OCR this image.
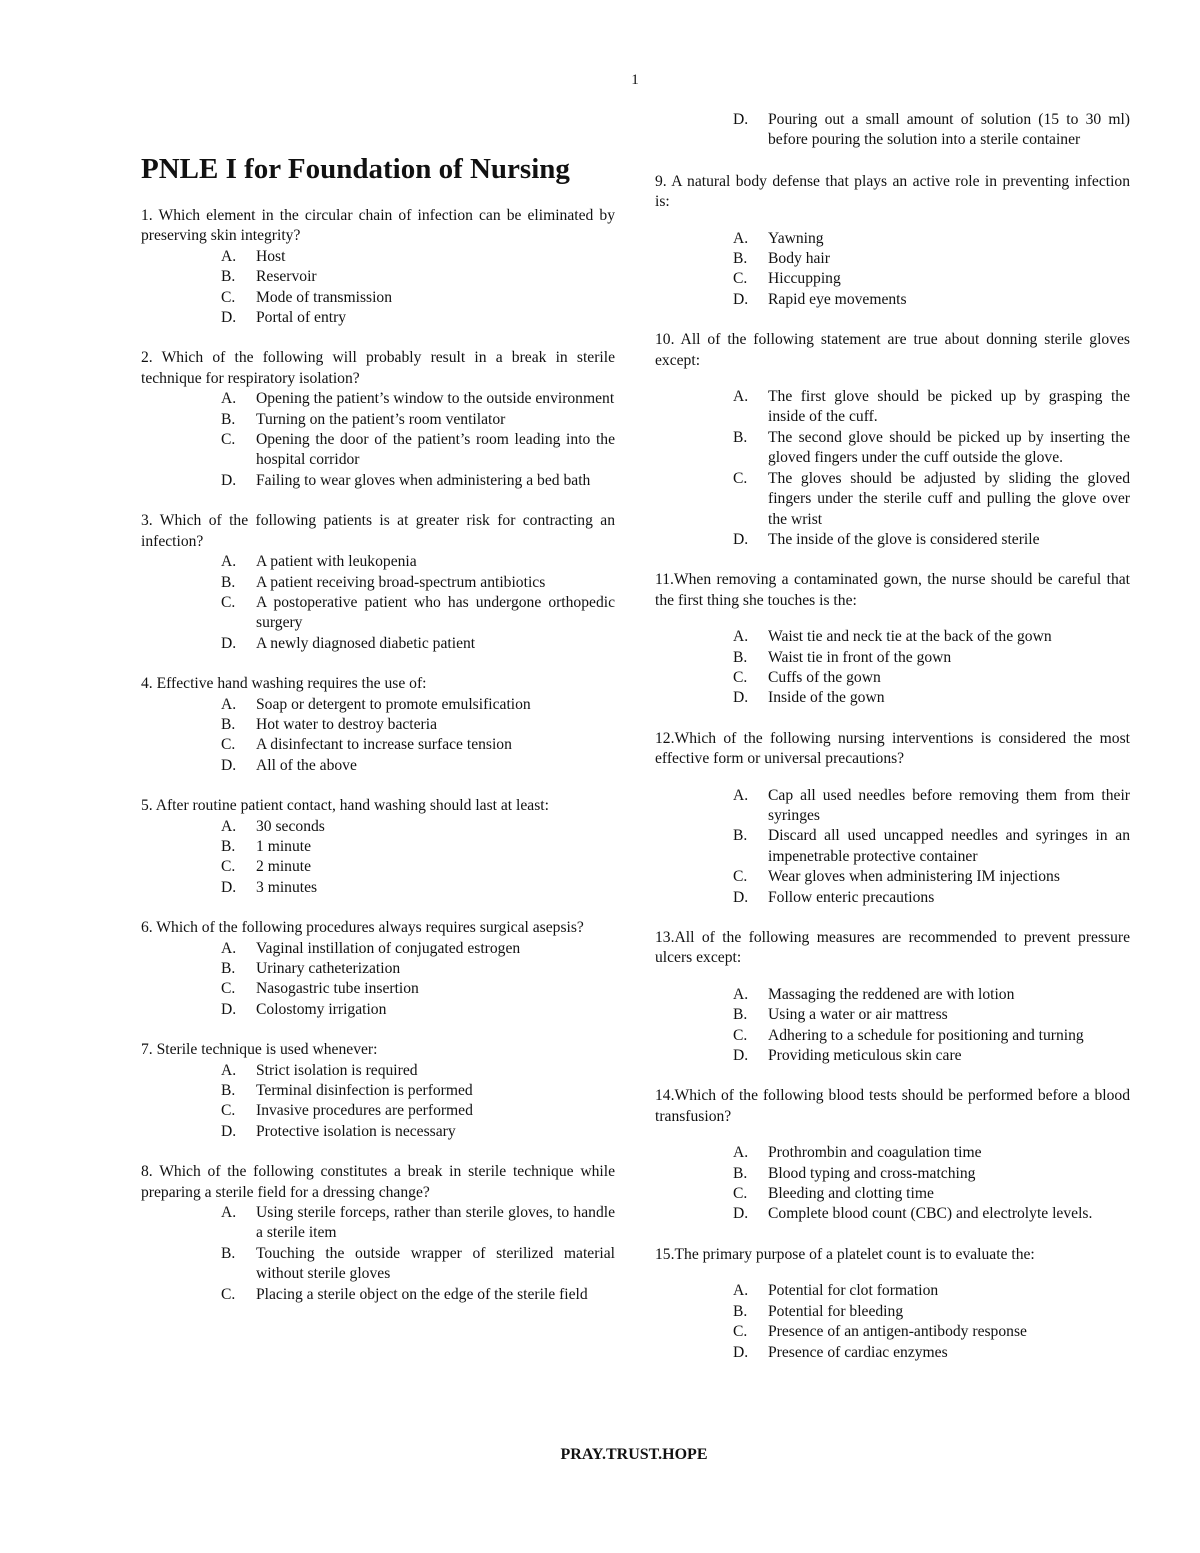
1
PNLE I for Foundation of Nursing
1. Which element in the circular chain of infection can be eliminated by preserving skin integrity?
A.	Host
B.	Reservoir
C.	Mode of transmission
D.	Portal of entry
2. Which of the following will probably result in a break in sterile technique for respiratory isolation?
A.	Opening the patient’s window to the outside environment
B.	Turning on the patient’s room ventilator
C.	Opening the door of the patient’s room leading into the hospital corridor
D.	Failing to wear gloves when administering a bed bath
3. Which of the following patients is at greater risk for contracting an infection?
A.	A patient with leukopenia
B.	A patient receiving broad-spectrum antibiotics
C.	A postoperative patient who has undergone orthopedic surgery
D.	A newly diagnosed diabetic patient
4. Effective hand washing requires the use of:
A.	Soap or detergent to promote emulsification
B.	Hot water to destroy bacteria
C.	A disinfectant to increase surface tension
D.	All of the above
5. After routine patient contact, hand washing should last at least:
A.	30 seconds
B.	1 minute
C.	2 minute
D.	3 minutes
6. Which of the following procedures always requires surgical asepsis?
A.	Vaginal instillation of conjugated estrogen
B.	Urinary catheterization
C.	Nasogastric tube insertion
D.	Colostomy irrigation
7. Sterile technique is used whenever:
A.	Strict isolation is required
B.	Terminal disinfection is performed
C.	Invasive procedures are performed
D.	Protective isolation is necessary
8. Which of the following constitutes a break in sterile technique while preparing a sterile field for a dressing change?
A.	Using sterile forceps, rather than sterile gloves, to handle a sterile item
B.	Touching the outside wrapper of sterilized material without sterile gloves
C.	Placing a sterile object on the edge of the sterile field
D.	Pouring out a small amount of solution (15 to 30 ml) before pouring the solution into a sterile container
9. A natural body defense that plays an active role in preventing infection is:
A.	Yawning
B.	Body hair
C.	Hiccupping
D.	Rapid eye movements
10. All of the following statement are true about donning sterile gloves except:
A.	The first glove should be picked up by grasping the inside of the cuff.
B.	The second glove should be picked up by inserting the gloved fingers under the cuff outside the glove.
C.	The gloves should be adjusted by sliding the gloved fingers under the sterile cuff and pulling the glove over the wrist
D.	The inside of the glove is considered sterile
11.When removing a contaminated gown, the nurse should be careful that the first thing she touches is the:
A.	Waist tie and neck tie at the back of the gown
B.	Waist tie in front of the gown
C.	Cuffs of the gown
D.	Inside of the gown
12.Which of the following nursing interventions is considered the most effective form or universal precautions?
A.	Cap all used needles before removing them from their syringes
B.	Discard all used uncapped needles and syringes in an impenetrable protective container
C.	Wear gloves when administering IM injections
D.	Follow enteric precautions
13.All of the following measures are recommended to prevent pressure ulcers except:
A.	Massaging the reddened are with lotion
B.	Using a water or air mattress
C.	Adhering to a schedule for positioning and turning
D.	Providing meticulous skin care
14.Which of the following blood tests should be performed before a blood transfusion?
A.	Prothrombin and coagulation time
B.	Blood typing and cross-matching
C.	Bleeding and clotting time
D.	Complete blood count (CBC) and electrolyte levels.
15.The primary purpose of a platelet count is to evaluate the:
A.	Potential for clot formation
B.	Potential for bleeding
C.	Presence of an antigen-antibody response
D.	Presence of cardiac enzymes
PRAY.TRUST.HOPE
